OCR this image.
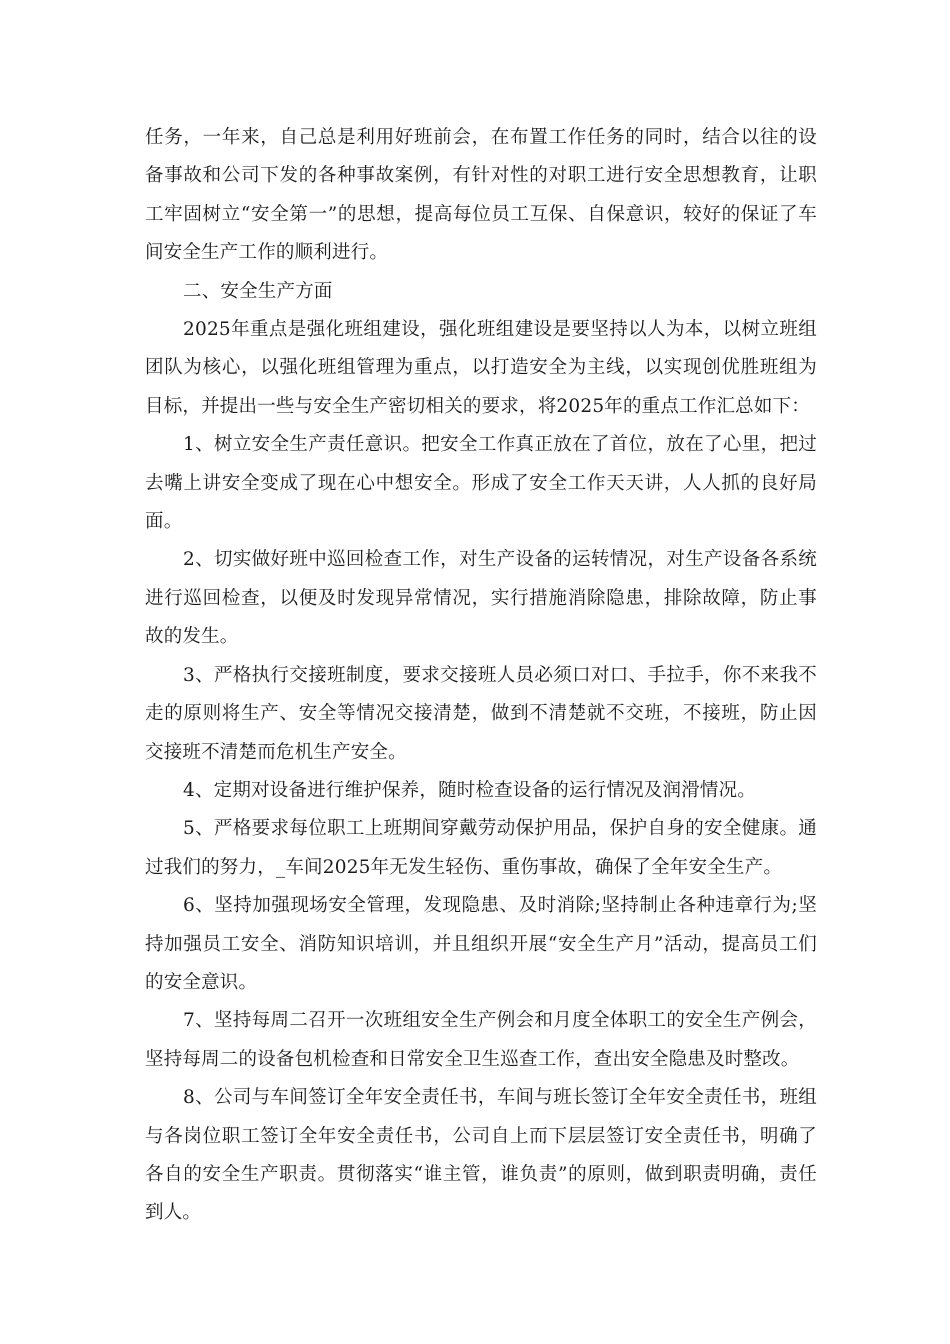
任务，一年来，自己总是利用好班前会，在布置工作任务的同时，结合以往的设备事故和公司下发的各种事故案例，有针对性的对职工进行安全思想教育，让职工牢固树立“安全第一”的思想，提高每位员工互保、自保意识，较好的保证了车间安全生产工作的顺利进行。

二、安全生产方面

2025年重点是强化班组建设，强化班组建设是要坚持以人为本，以树立班组团队为核心，以强化班组管理为重点，以打造安全为主线，以实现创优胜班组为目标，并提出一些与安全生产密切相关的要求，将2025年的重点工作汇总如下：

1、树立安全生产责任意识。把安全工作真正放在了首位，放在了心里，把过去嘴上讲安全变成了现在心中想安全。形成了安全工作天天讲，人人抓的良好局面。

2、切实做好班中巡回检查工作，对生产设备的运转情况，对生产设备各系统进行巡回检查，以便及时发现异常情况，实行措施消除隐患，排除故障，防止事故的发生。

3、严格执行交接班制度，要求交接班人员必须口对口、手拉手，你不来我不走的原则将生产、安全等情况交接清楚，做到不清楚就不交班，不接班，防止因交接班不清楚而危机生产安全。

4、定期对设备进行维护保养，随时检查设备的运行情况及润滑情况。

5、严格要求每位职工上班期间穿戴劳动保护用品，保护自身的安全健康。通过我们的努力，_车间2025年无发生轻伤、重伤事故，确保了全年安全生产。

6、坚持加强现场安全管理，发现隐患、及时消除;坚持制止各种违章行为;坚持加强员工安全、消防知识培训，并且组织开展“安全生产月”活动，提高员工们的安全意识。

7、坚持每周二召开一次班组安全生产例会和月度全体职工的安全生产例会，坚持每周二的设备包机检查和日常安全卫生巡查工作，查出安全隐患及时整改。

8、公司与车间签订全年安全责任书，车间与班长签订全年安全责任书，班组与各岗位职工签订全年安全责任书，公司自上而下层层签订安全责任书，明确了各自的安全生产职责。贯彻落实“谁主管，谁负责”的原则，做到职责明确，责任到人。
